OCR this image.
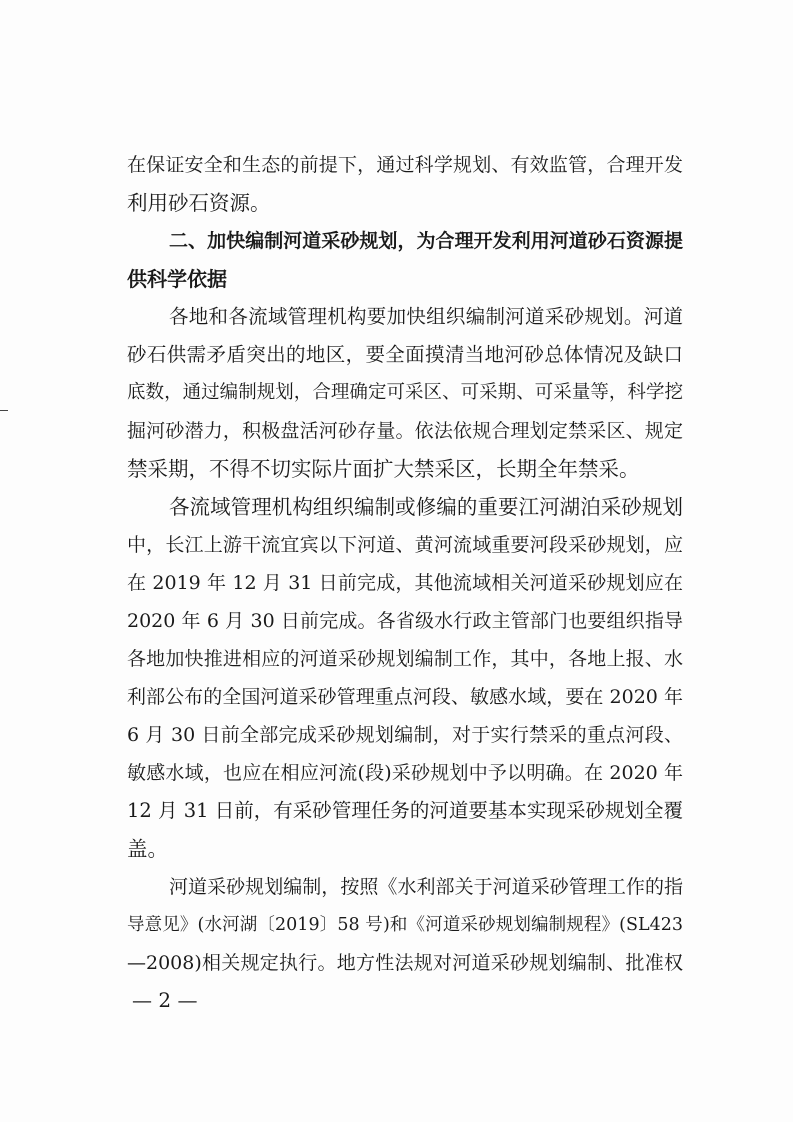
在保证安全和生态的前提下，通过科学规划、有效监管，合理开发
利用砂石资源。
二、加快编制河道采砂规划，为合理开发利用河道砂石资源提
供科学依据
各地和各流域管理机构要加快组织编制河道采砂规划。河道
砂石供需矛盾突出的地区，要全面摸清当地河砂总体情况及缺口
底数，通过编制规划，合理确定可采区、可采期、可采量等，科学挖
掘河砂潜力，积极盘活河砂存量。依法依规合理划定禁采区、规定
禁采期，不得不切实际片面扩大禁采区，长期全年禁采。
各流域管理机构组织编制或修编的重要江河湖泊采砂规划
中，长江上游干流宜宾以下河道、黄河流域重要河段采砂规划，应
在 2019 年 12 月 31 日前完成，其他流域相关河道采砂规划应在
2020 年 6 月 30 日前完成。各省级水行政主管部门也要组织指导
各地加快推进相应的河道采砂规划编制工作，其中，各地上报、水
利部公布的全国河道采砂管理重点河段、敏感水域，要在 2020 年
6 月 30 日前全部完成采砂规划编制，对于实行禁采的重点河段、
敏感水域，也应在相应河流(段)采砂规划中予以明确。在 2020 年
12 月 31 日前，有采砂管理任务的河道要基本实现采砂规划全覆
盖。
河道采砂规划编制，按照《水利部关于河道采砂管理工作的指
导意见》(水河湖〔2019〕58 号)和《河道采砂规划编制规程》(SL423
—2008)相关规定执行。地方性法规对河道采砂规划编制、批准权
— 2 —
